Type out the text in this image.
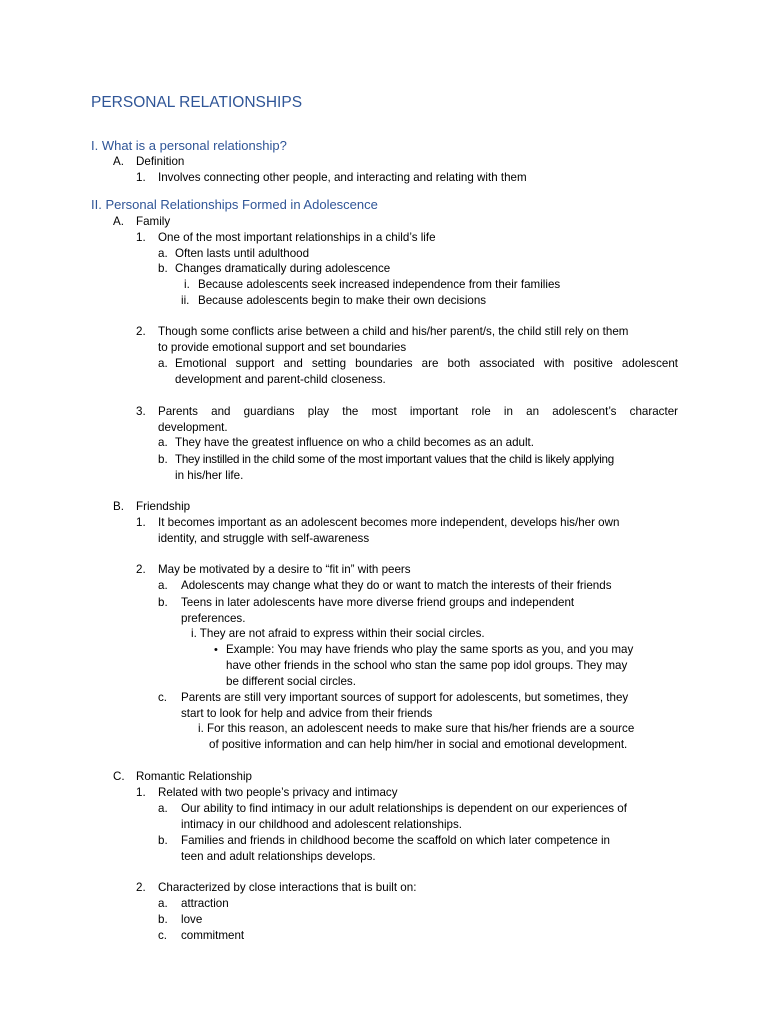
PERSONAL RELATIONSHIPS
I. What is a personal relationship?
A. Definition
1. Involves connecting other people, and interacting and relating with them
II. Personal Relationships Formed in Adolescence
A. Family
1. One of the most important relationships in a child’s life
a. Often lasts until adulthood
b. Changes dramatically during adolescence
i. Because adolescents seek increased independence from their families
ii. Because adolescents begin to make their own decisions
2. Though some conflicts arise between a child and his/her parent/s, the child still rely on them
to provide emotional support and set boundaries
a. Emotional support and setting boundaries are both associated with positive adolescent
development and parent-child closeness.
3. Parents and guardians play the most important role in an adolescent’s character
development.
a. They have the greatest influence on who a child becomes as an adult.
b. They instilled in the child some of the most important values that the child is likely applying
in his/her life.
B. Friendship
1. It becomes important as an adolescent becomes more independent, develops his/her own
identity, and struggle with self-awareness
2. May be motivated by a desire to “fit in” with peers
a. Adolescents may change what they do or want to match the interests of their friends
b. Teens in later adolescents have more diverse friend groups and independent
preferences.
i. They are not afraid to express within their social circles.
• Example: You may have friends who play the same sports as you, and you may
have other friends in the school who stan the same pop idol groups. They may
be different social circles.
c. Parents are still very important sources of support for adolescents, but sometimes, they
start to look for help and advice from their friends
i. For this reason, an adolescent needs to make sure that his/her friends are a source
of positive information and can help him/her in social and emotional development.
C. Romantic Relationship
1. Related with two people’s privacy and intimacy
a. Our ability to find intimacy in our adult relationships is dependent on our experiences of
intimacy in our childhood and adolescent relationships.
b. Families and friends in childhood become the scaffold on which later competence in
teen and adult relationships develops.
2. Characterized by close interactions that is built on:
a. attraction
b. love
c. commitment
